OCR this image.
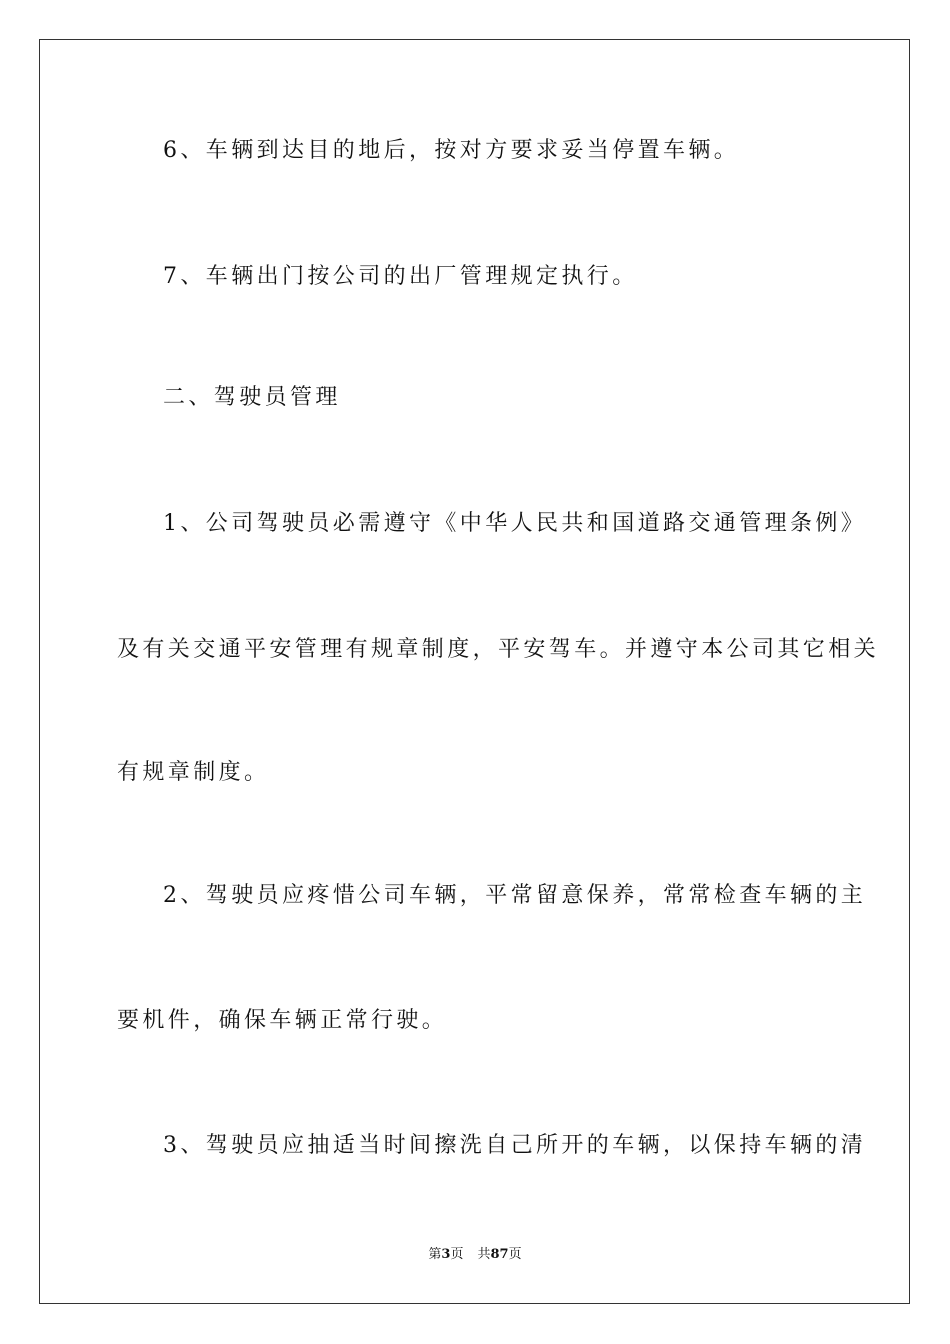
6、车辆到达目的地后，按对方要求妥当停置车辆。
7、车辆出门按公司的出厂管理规定执行。
二、驾驶员管理
1、公司驾驶员必需遵守《中华人民共和国道路交通管理条例》
及有关交通平安管理有规章制度，平安驾车。并遵守本公司其它相关
有规章制度。
2、驾驶员应疼惜公司车辆，平常留意保养，常常检查车辆的主
要机件，确保车辆正常行驶。
3、驾驶员应抽适当时间擦洗自己所开的车辆，以保持车辆的清
第3页 共87页
